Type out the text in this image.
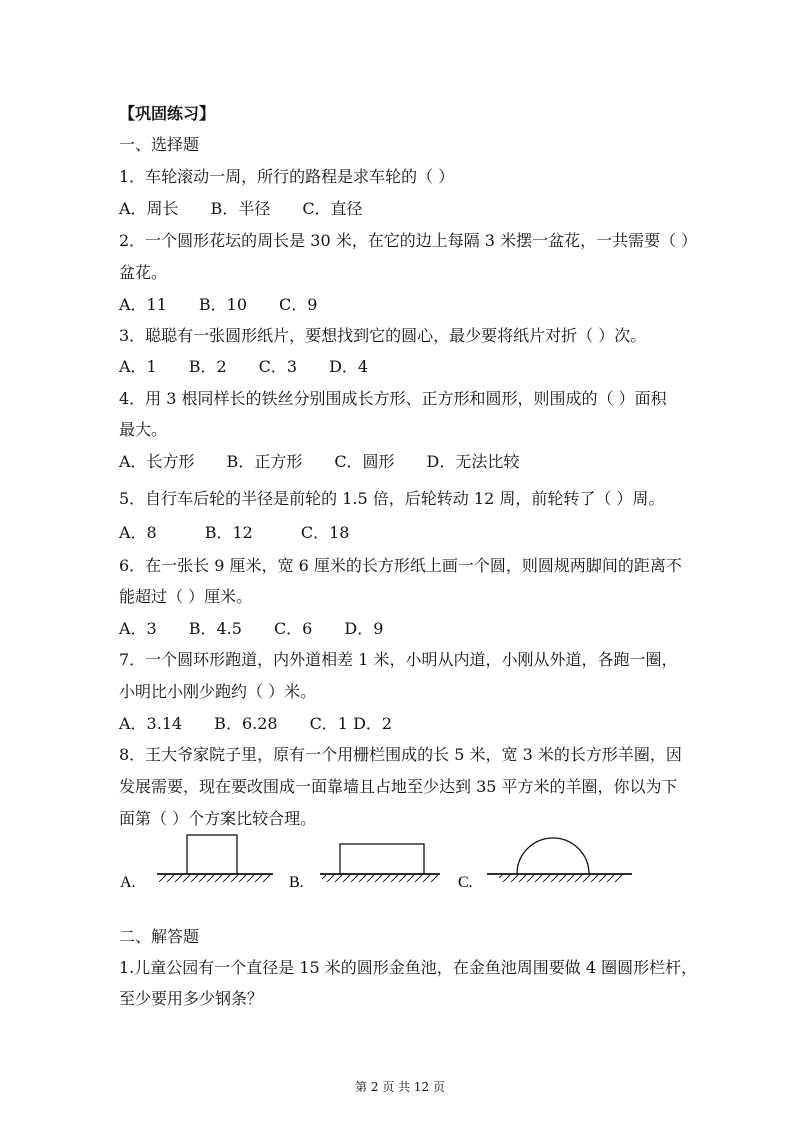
【巩固练习】
一、选择题
1．车轮滚动一周，所行的路程是求车轮的（ ）
A．周长　　B．半径　　C．直径
2．一个圆形花坛的周长是 30 米，在它的边上每隔 3 米摆一盆花，一共需要（ ）
盆花。
A．11　　B．10　　C．9
3．聪聪有一张圆形纸片，要想找到它的圆心，最少要将纸片对折（ ）次。
A．1　　B．2　　C．3　　D．4
4．用 3 根同样长的铁丝分别围成长方形、正方形和圆形，则围成的（ ）面积
最大。
A．长方形　　B．正方形　　C．圆形　　D．无法比较
5．自行车后轮的半径是前轮的 1.5 倍，后轮转动 12 周，前轮转了（ ）周。
A．8　　　B．12　　　C．18
6．在一张长 9 厘米，宽 6 厘米的长方形纸上画一个圆，则圆规两脚间的距离不
能超过（ ）厘米。
A．3　　B．4.5　　C．6　　D．9
7．一个圆环形跑道，内外道相差 1 米，小明从内道，小刚从外道，各跑一圈，
小明比小刚少跑约（ ）米。
A．3.14　　B．6.28　　C．1 D．2
8．王大爷家院子里，原有一个用栅栏围成的长 5 米，宽 3 米的长方形羊圈，因
发展需要，现在要改围成一面靠墙且占地至少达到 35 平方米的羊圈，你以为下
面第（ ）个方案比较合理。
A.	B.	C.
二、解答题
1.儿童公园有一个直径是 15 米的圆形金鱼池，在金鱼池周围要做 4 圈圆形栏杆，
至少要用多少钢条？
第 2 页 共 12 页
